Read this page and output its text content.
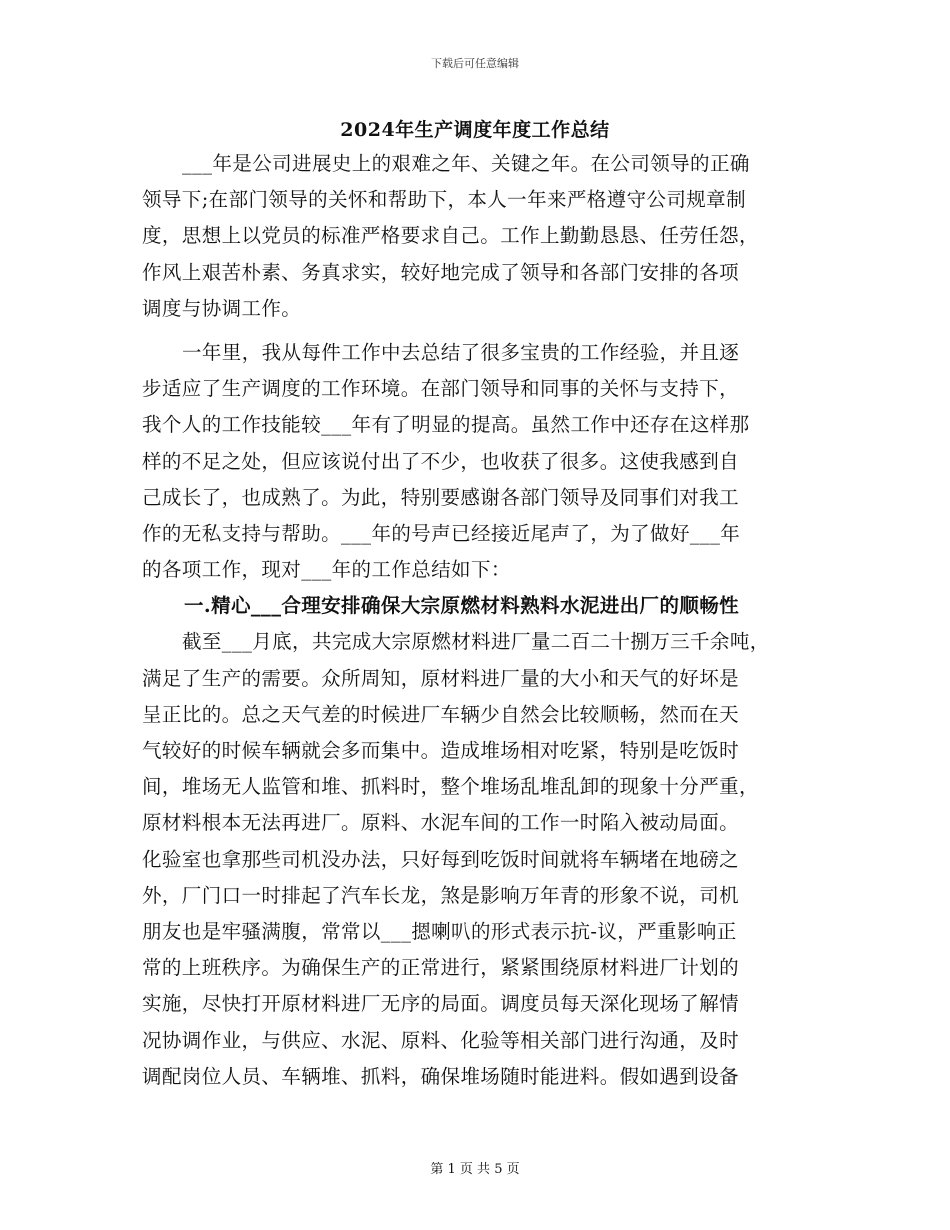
下载后可任意编辑
2024年生产调度年度工作总结
___年是公司进展史上的艰难之年、关键之年。在公司领导的正确
领导下;在部门领导的关怀和帮助下，本人一年来严格遵守公司规章制
度，思想上以党员的标准严格要求自己。工作上勤勤恳恳、任劳任怨，
作风上艰苦朴素、务真求实，较好地完成了领导和各部门安排的各项
调度与协调工作。
一年里，我从每件工作中去总结了很多宝贵的工作经验，并且逐
步适应了生产调度的工作环境。在部门领导和同事的关怀与支持下，
我个人的工作技能较___年有了明显的提高。虽然工作中还存在这样那
样的不足之处，但应该说付出了不少，也收获了很多。这使我感到自
己成长了，也成熟了。为此，特别要感谢各部门领导及同事们对我工
作的无私支持与帮助。___年的号声已经接近尾声了，为了做好___年
的各项工作，现对___年的工作总结如下：
一.精心___合理安排确保大宗原燃材料熟料水泥进出厂的顺畅性
截至___月底，共完成大宗原燃材料进厂量二百二十捌万三千余吨，
满足了生产的需要。众所周知，原材料进厂量的大小和天气的好坏是
呈正比的。总之天气差的时候进厂车辆少自然会比较顺畅，然而在天
气较好的时候车辆就会多而集中。造成堆场相对吃紧，特别是吃饭时
间，堆场无人监管和堆、抓料时，整个堆场乱堆乱卸的现象十分严重，
原材料根本无法再进厂。原料、水泥车间的工作一时陷入被动局面。
化验室也拿那些司机没办法，只好每到吃饭时间就将车辆堵在地磅之
外，厂门口一时排起了汽车长龙，煞是影响万年青的形象不说，司机
朋友也是牢骚满腹，常常以___摁喇叭的形式表示抗-议，严重影响正
常的上班秩序。为确保生产的正常进行，紧紧围绕原材料进厂计划的
实施，尽快打开原材料进厂无序的局面。调度员每天深化现场了解情
况协调作业，与供应、水泥、原料、化验等相关部门进行沟通，及时
调配岗位人员、车辆堆、抓料，确保堆场随时能进料。假如遇到设备
第 1 页 共 5 页
